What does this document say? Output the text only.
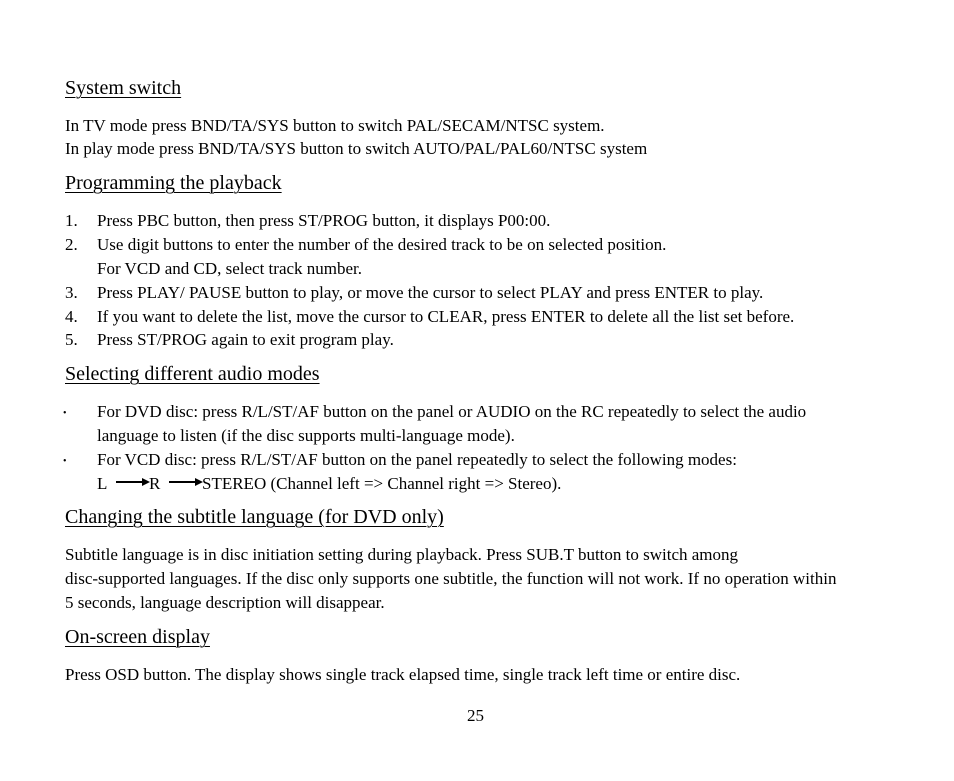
System switch
In TV mode press BND/TA/SYS button to switch PAL/SECAM/NTSC system.
In play mode press BND/TA/SYS button to switch AUTO/PAL/PAL60/NTSC system
Programming the playback
1. Press PBC button, then press ST/PROG button, it displays P00:00.
2. Use digit buttons to enter the number of the desired track to be on selected position.
For VCD and CD, select track number.
3. Press PLAY/ PAUSE button to play, or move the cursor to select PLAY and press ENTER to play.
4. If you want to delete the list, move the cursor to CLEAR, press ENTER to delete all the list set before.
5. Press ST/PROG again to exit program play.
Selecting different audio modes
• For DVD disc: press R/L/ST/AF button on the panel or AUDIO on the RC repeatedly to select the audio
language to listen (if the disc supports multi-language mode).
• For VCD disc: press R/L/ST/AF button on the panel repeatedly to select the following modes:
L R STEREO (Channel left => Channel right => Stereo).
Changing the subtitle language (for DVD only)
Subtitle language is in disc initiation setting during playback. Press SUB.T button to switch among
disc-supported languages. If the disc only supports one subtitle, the function will not work. If no operation within
5 seconds, language description will disappear.
On-screen display
Press OSD button. The display shows single track elapsed time, single track left time or entire disc.
25
